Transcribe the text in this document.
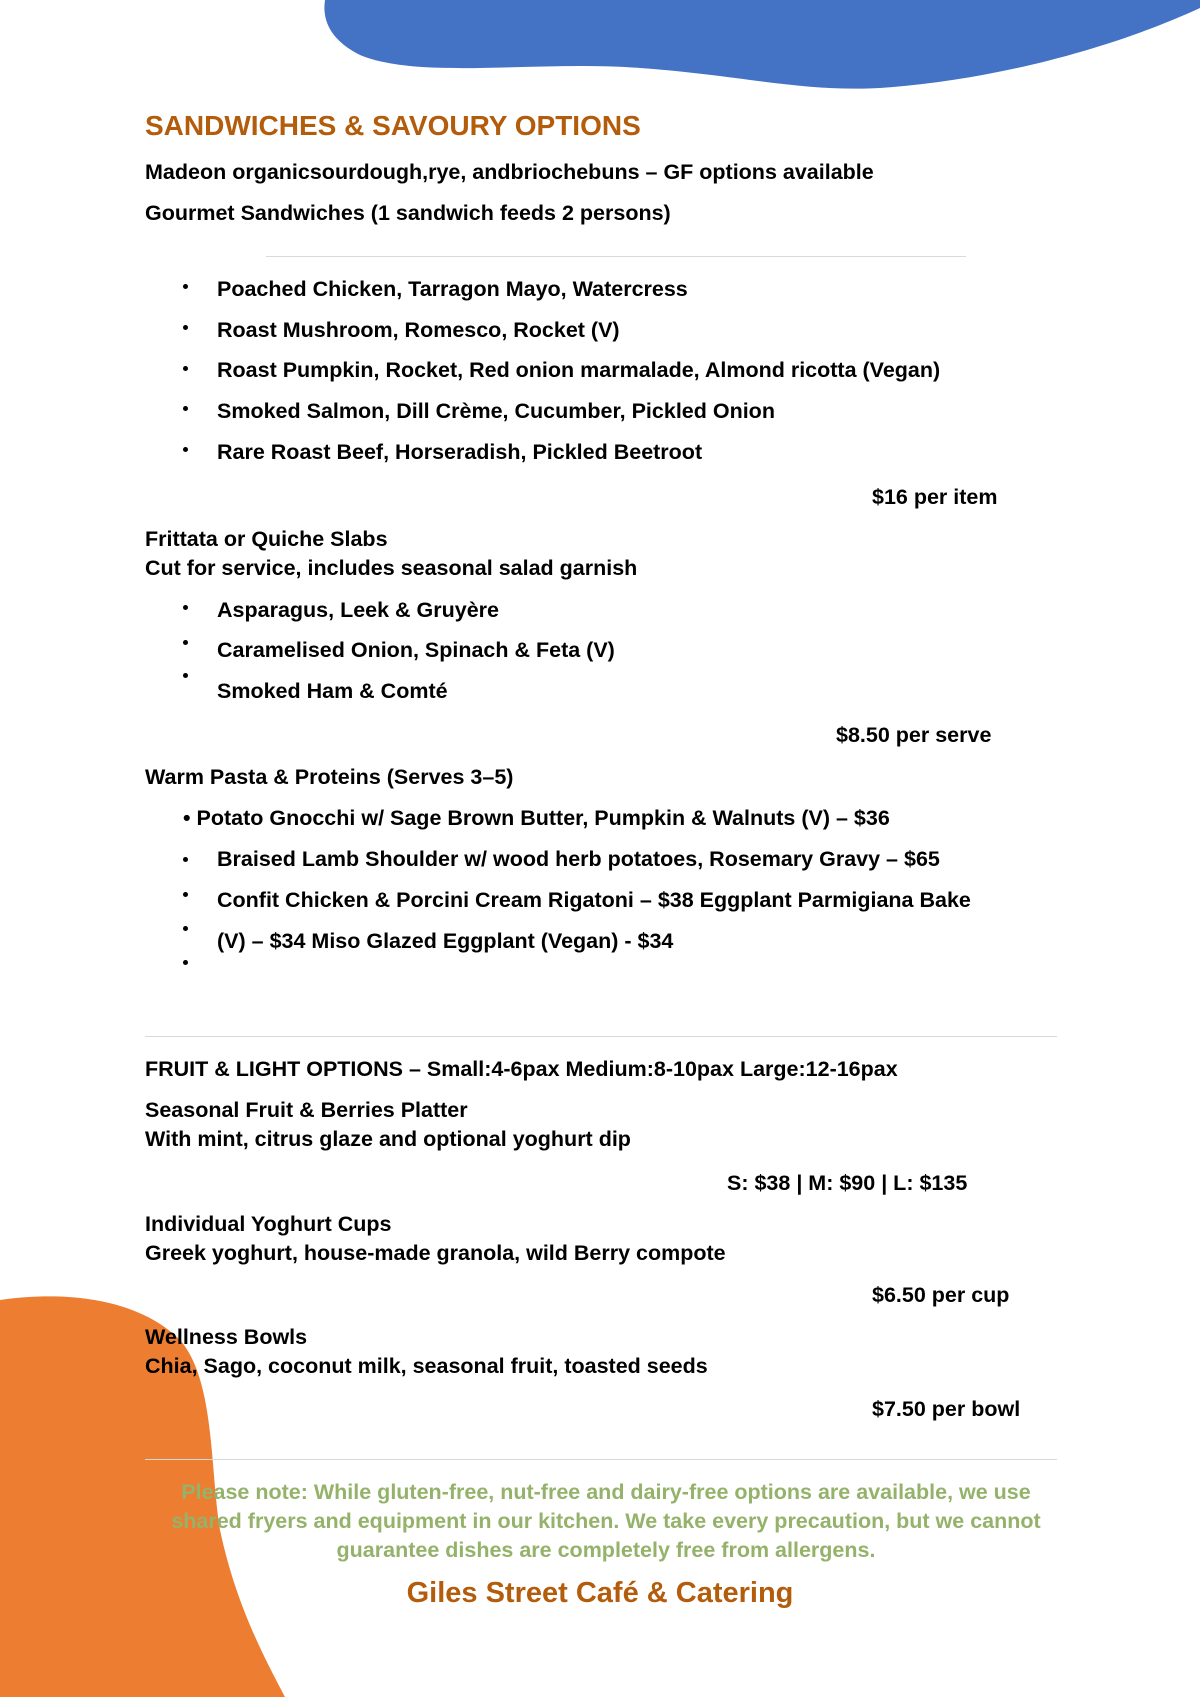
SANDWICHES & SAVOURY OPTIONS
Madeon organicsourdough,rye, andbriochebuns – GF options available
Gourmet Sandwiches (1 sandwich feeds 2 persons)
Poached Chicken, Tarragon Mayo, Watercress
Roast Mushroom, Romesco, Rocket (V)
Roast Pumpkin, Rocket, Red onion marmalade, Almond ricotta (Vegan)
Smoked Salmon, Dill Crème, Cucumber, Pickled Onion
Rare Roast Beef, Horseradish, Pickled Beetroot
$16 per item
Frittata or Quiche Slabs
Cut for service, includes seasonal salad garnish
Asparagus, Leek & Gruyère
Caramelised Onion, Spinach & Feta (V)
Smoked Ham & Comté
$8.50 per serve
Warm Pasta & Proteins (Serves 3–5)
• Potato Gnocchi w/ Sage Brown Butter, Pumpkin & Walnuts (V) – $36
Braised Lamb Shoulder w/ wood herb potatoes, Rosemary Gravy – $65
Confit Chicken & Porcini Cream Rigatoni – $38 Eggplant Parmigiana Bake
(V) – $34 Miso Glazed Eggplant (Vegan) - $34
FRUIT & LIGHT OPTIONS – Small:4-6pax Medium:8-10pax Large:12-16pax
Seasonal Fruit & Berries Platter
With mint, citrus glaze and optional yoghurt dip
S: $38 | M: $90 | L: $135
Individual Yoghurt Cups
Greek yoghurt, house-made granola, wild Berry compote
$6.50 per cup
Wellness Bowls
Chia, Sago, coconut milk, seasonal fruit, toasted seeds
$7.50 per bowl
Please note: While gluten-free, nut-free and dairy-free options are available, we use
shared fryers and equipment in our kitchen. We take every precaution, but we cannot
guarantee dishes are completely free from allergens.
Giles Street Café & Catering
